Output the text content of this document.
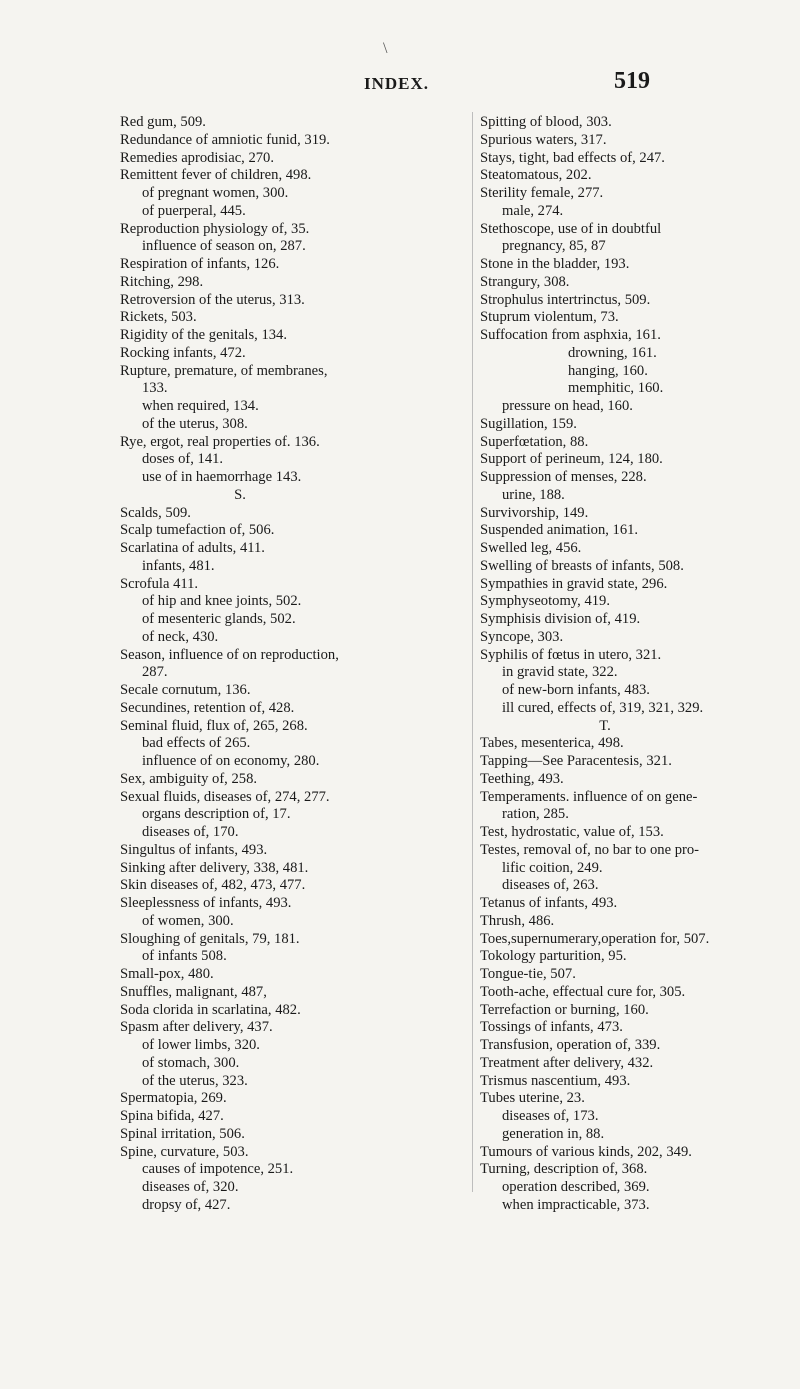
\
INDEX.	519
Red gum, 509.
Redundance of amniotic funid, 319.
Remedies aprodisiac, 270.
Remittent fever of children, 498.
of pregnant women, 300.
of puerperal, 445.
Reproduction physiology of, 35.
influence of season on, 287.
Respiration of infants, 126.
Ritching, 298.
Retroversion of the uterus, 313.
Rickets, 503.
Rigidity of the genitals, 134.
Rocking infants, 472.
Rupture, premature, of membranes,
133.
when required, 134.
of the uterus, 308.
Rye, ergot, real properties of. 136.
doses of, 141.
use of in haemorrhage 143.
S.
Scalds, 509.
Scalp tumefaction of, 506.
Scarlatina of adults, 411.
infants, 481.
Scrofula 411.
of hip and knee joints, 502.
of mesenteric glands, 502.
of neck, 430.
Season, influence of on reproduction,
287.
Secale cornutum, 136.
Secundines, retention of, 428.
Seminal fluid, flux of, 265, 268.
bad effects of 265.
influence of on economy, 280.
Sex, ambiguity of, 258.
Sexual fluids, diseases of, 274, 277.
organs description of, 17.
diseases of, 170.
Singultus of infants, 493.
Sinking after delivery, 338, 481.
Skin diseases of, 482, 473, 477.
Sleeplessness of infants, 493.
of women, 300.
Sloughing of genitals, 79, 181.
of infants 508.
Small-pox, 480.
Snuffles, malignant, 487,
Soda clorida in scarlatina, 482.
Spasm after delivery, 437.
of lower limbs, 320.
of stomach, 300.
of the uterus, 323.
Spermatopia, 269.
Spina bifida, 427.
Spinal irritation, 506.
Spine, curvature, 503.
causes of impotence, 251.
diseases of, 320.
dropsy of, 427.
Spitting of blood, 303.
Spurious waters, 317.
Stays, tight, bad effects of, 247.
Steatomatous, 202.
Sterility female, 277.
male, 274.
Stethoscope, use of in doubtful
pregnancy, 85, 87
Stone in the bladder, 193.
Strangury, 308.
Strophulus intertrinctus, 509.
Stuprum violentum, 73.
Suffocation from asphxia, 161.
drowning, 161.
hanging, 160.
memphitic, 160.
pressure on head, 160.
Sugillation, 159.
Superfœtation, 88.
Support of perineum, 124, 180.
Suppression of menses, 228.
urine, 188.
Survivorship, 149.
Suspended animation, 161.
Swelled leg, 456.
Swelling of breasts of infants, 508.
Sympathies in gravid state, 296.
Symphyseotomy, 419.
Symphisis division of, 419.
Syncope, 303.
Syphilis of fœtus in utero, 321.
in gravid state, 322.
of new-born infants, 483.
ill cured, effects of, 319, 321, 329.
T.
Tabes, mesenterica, 498.
Tapping—See Paracentesis, 321.
Teething, 493.
Temperaments. influence of on gene-
ration, 285.
Test, hydrostatic, value of, 153.
Testes, removal of, no bar to one pro-
lific coition, 249.
diseases of, 263.
Tetanus of infants, 493.
Thrush, 486.
Toes,supernumerary,operation for, 507.
Tokology parturition, 95.
Tongue-tie, 507.
Tooth-ache, effectual cure for, 305.
Terrefaction or burning, 160.
Tossings of infants, 473.
Transfusion, operation of, 339.
Treatment after delivery, 432.
Trismus nascentium, 493.
Tubes uterine, 23.
diseases of, 173.
generation in, 88.
Tumours of various kinds, 202, 349.
Turning, description of, 368.
operation described, 369.
when impracticable, 373.
